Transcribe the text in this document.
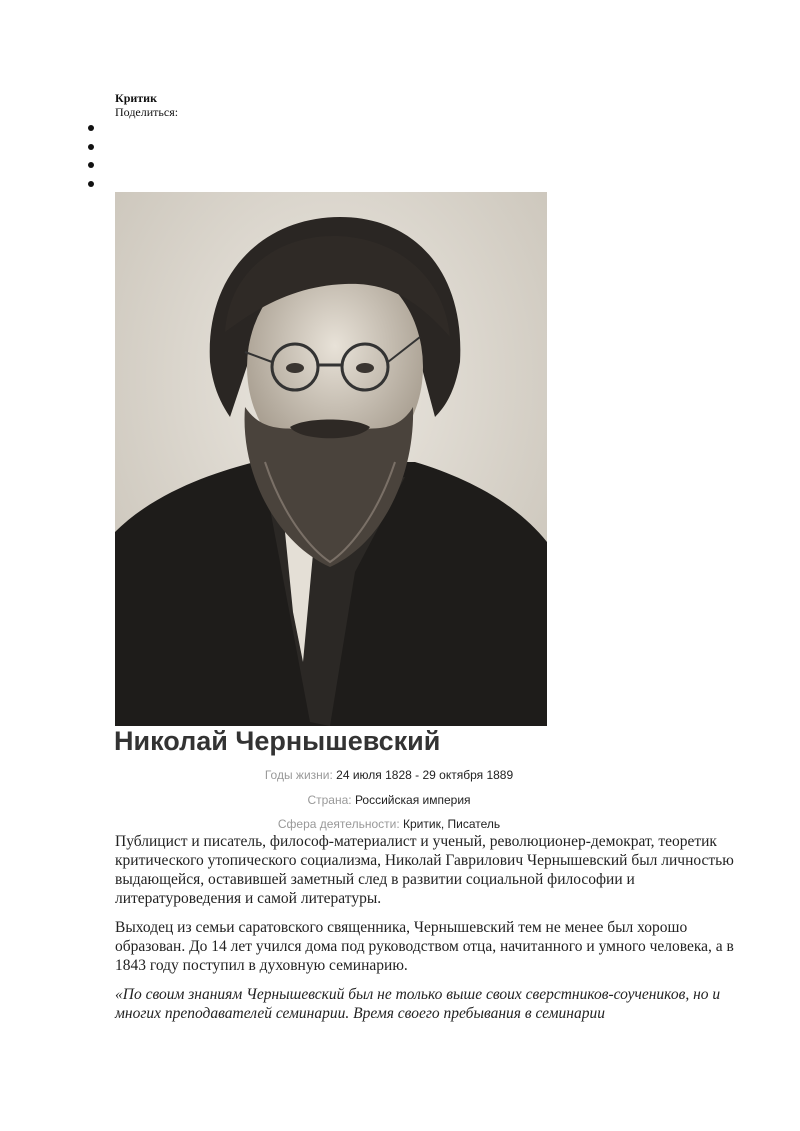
Критик
Поделиться:
Николай Чернышевский
Годы жизни: 24 июля 1828 - 29 октября 1889
Страна: Российская империя
Сфера деятельности: Критик, Писатель

Публицист и писатель, философ-материалист и ученый, революционер-демократ, теоретик критического утопического социализма, Николай Гаврилович Чернышевский был личностью выдающейся, оставившей заметный след в развитии социальной философии и литературоведения и самой литературы.

Выходец из семьи саратовского священника, Чернышевский тем не менее был хорошо образован. До 14 лет учился дома под руководством отца, начитанного и умного человека, а в 1843 году поступил в духовную семинарию.

«По своим знаниям Чернышевский был не только выше своих сверстников-соучеников, но и многих преподавателей семинарии. Время своего пребывания в семинарии
